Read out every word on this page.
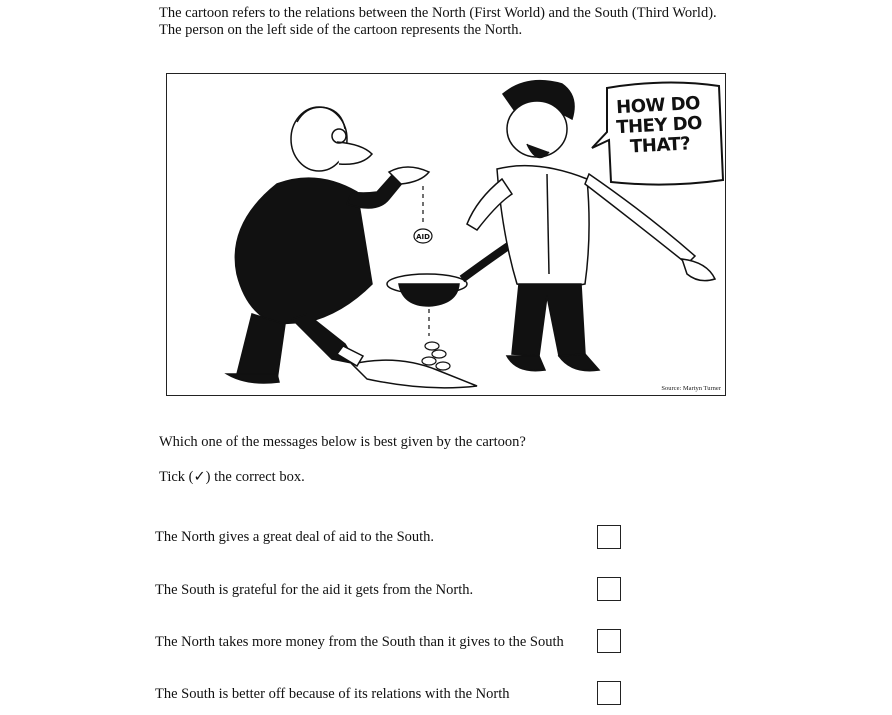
The cartoon refers to the relations between the North (First World) and the South (Third World).
The person on the left side of the cartoon represents the North.
AID
HOW DO
THEY DO
THAT?
Source: Martyn Turner
Which one of the messages below is best given by the cartoon?
Tick (✓) the correct box.
The North gives a great deal of aid to the South.
The South is grateful for the aid it gets from the North.
The North takes more money from the South than it gives to the South
The South is better off because of its relations with the North
